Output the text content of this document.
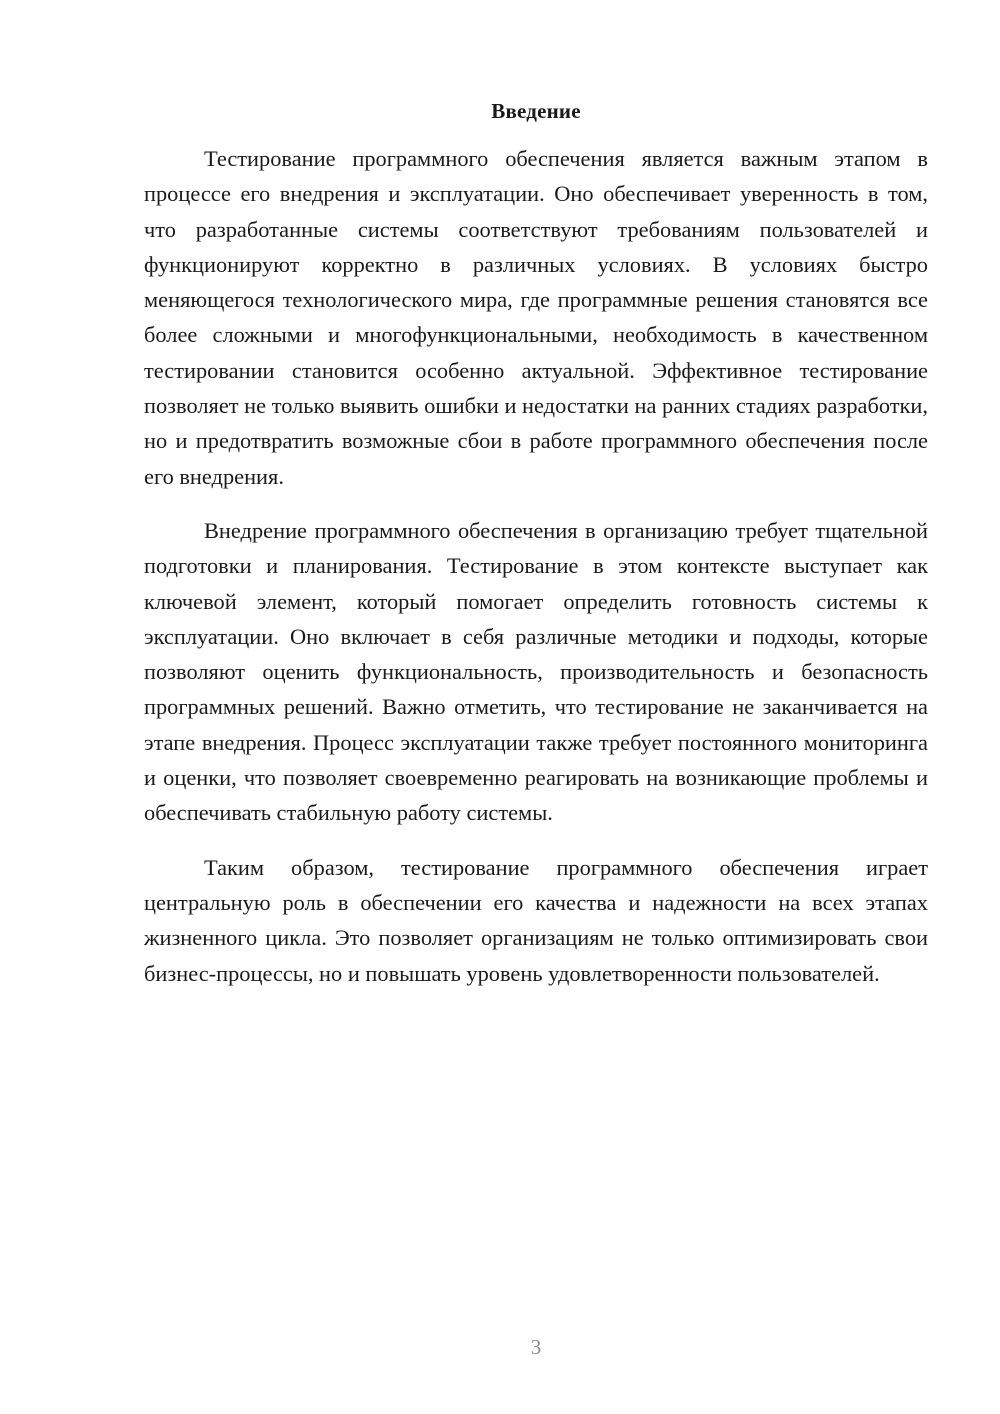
Введение

Тестирование программного обеспечения является важным этапом в процессе его внедрения и эксплуатации. Оно обеспечивает уверенность в том, что разработанные системы соответствуют требованиям пользователей и функционируют корректно в различных условиях. В условиях быстро меняющегося технологического мира, где программные решения становятся все более сложными и многофункциональными, необходимость в качественном тестировании становится особенно актуальной. Эффективное тестирование позволяет не только выявить ошибки и недостатки на ранних стадиях разработки, но и предотвратить возможные сбои в работе программного обеспечения после его внедрения.

Внедрение программного обеспечения в организацию требует тщательной подготовки и планирования. Тестирование в этом контексте выступает как ключевой элемент, который помогает определить готовность системы к эксплуатации. Оно включает в себя различные методики и подходы, которые позволяют оценить функциональность, производительность и безопасность программных решений. Важно отметить, что тестирование не заканчивается на этапе внедрения. Процесс эксплуатации также требует постоянного мониторинга и оценки, что позволяет своевременно реагировать на возникающие проблемы и обеспечивать стабильную работу системы.

Таким образом, тестирование программного обеспечения играет центральную роль в обеспечении его качества и надежности на всех этапах жизненного цикла. Это позволяет организациям не только оптимизировать свои бизнес-процессы, но и повышать уровень удовлетворенности пользователей.

3
